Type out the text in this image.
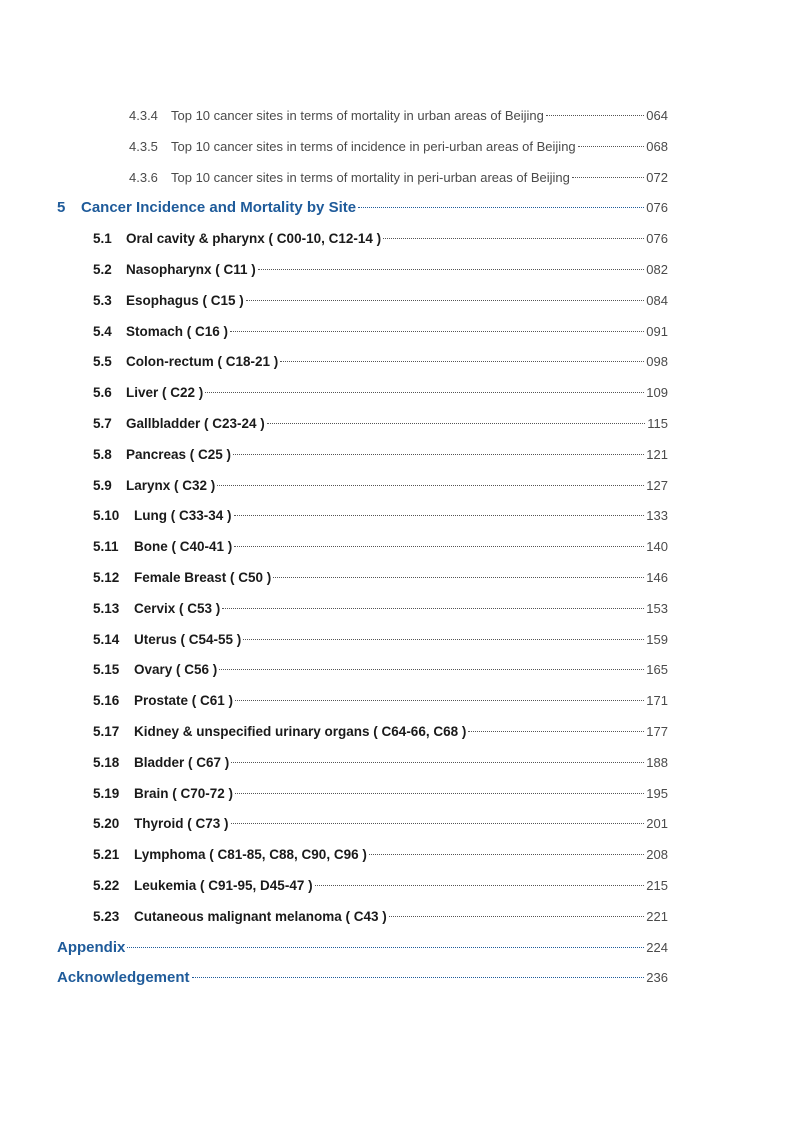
4.3.4	Top 10 cancer sites in terms of mortality in urban areas of Beijing	064
4.3.5	Top 10 cancer sites in terms of incidence in peri-urban areas of Beijing	068
4.3.6	Top 10 cancer sites in terms of mortality in peri-urban areas of Beijing	072
5	Cancer Incidence and Mortality by Site	076
5.1	Oral cavity & pharynx ( C00-10, C12-14 )	076
5.2	Nasopharynx ( C11 )	082
5.3	Esophagus ( C15 )	084
5.4	Stomach ( C16 )	091
5.5	Colon-rectum ( C18-21 )	098
5.6	Liver ( C22 )	109
5.7	Gallbladder ( C23-24 )	115
5.8	Pancreas ( C25 )	121
5.9	Larynx ( C32 )	127
5.10	Lung ( C33-34 )	133
5.11	Bone ( C40-41 )	140
5.12	Female Breast ( C50 )	146
5.13	Cervix ( C53 )	153
5.14	Uterus ( C54-55 )	159
5.15	Ovary ( C56 )	165
5.16	Prostate ( C61 )	171
5.17	Kidney & unspecified urinary organs ( C64-66, C68 )	177
5.18	Bladder ( C67 )	188
5.19	Brain ( C70-72 )	195
5.20	Thyroid ( C73 )	201
5.21	Lymphoma ( C81-85, C88, C90, C96 )	208
5.22	Leukemia ( C91-95, D45-47 )	215
5.23	Cutaneous malignant melanoma ( C43 )	221
Appendix	224
Acknowledgement	236
